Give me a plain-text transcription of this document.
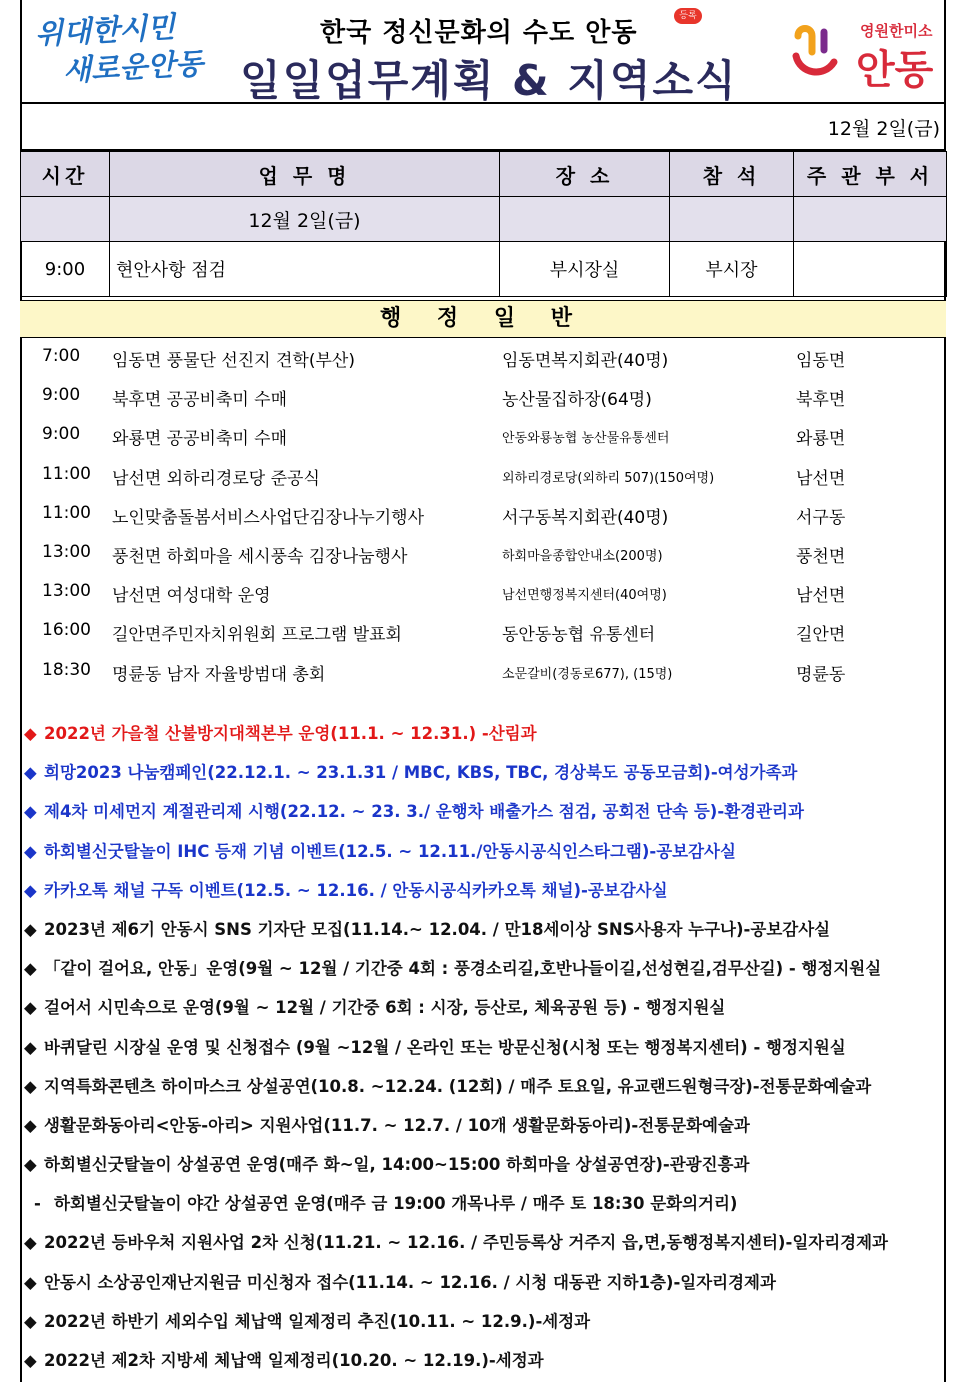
위대한시민
새로운안동
한국 정신문화의 수도 안동
등록
일일업무계획 & 지역소식
영원한미소
안동
12월 2일(금)
시간	업 무 명	장 소	참 석	주 관 부 서
	12월 2일(금)			
9:00	현안사항 점검	부시장실	부시장	
행 정 일 반
7:00 임동면 풍물단 선진지 견학(부산)	임동면복지회관(40명)	임동면
9:00 북후면 공공비축미 수매	농산물집하장(64명)	북후면
9:00 와룡면 공공비축미 수매	안동와룡농협 농산물유통센터	와룡면
11:00 남선면 외하리경로당 준공식	외하리경로당(외하리 507)(150여명)	남선면
11:00 노인맞춤돌봄서비스사업단김장나누기행사	서구동복지회관(40명)	서구동
13:00 풍천면 하회마을 세시풍속 김장나눔행사	하회마을종합안내소(200명)	풍천면
13:00 남선면 여성대학 운영	남선면행정복지센터(40여명)	남선면
16:00 길안면주민자치위원회 프로그램 발표회	동안동농협 유통센터	길안면
18:30 명륜동 남자 자율방범대 총회	소문갈비(경동로677), (15명)	명륜동
◆ 2022년 가을철 산불방지대책본부 운영(11.1. ~ 12.31.) -산림과
◆ 희망2023 나눔캠페인(22.12.1. ~ 23.1.31 / MBC, KBS, TBC, 경상북도 공동모금회)-여성가족과
◆ 제4차 미세먼지 계절관리제 시행(22.12. ~ 23. 3./ 운행차 배출가스 점검, 공회전 단속 등)-환경관리과
◆ 하회별신굿탈놀이 IHC 등재 기념 이벤트(12.5. ~ 12.11./안동시공식인스타그램)-공보감사실
◆ 카카오톡 채널 구독 이벤트(12.5. ~ 12.16. / 안동시공식카카오톡 채널)-공보감사실
◆ 2023년 제6기 안동시 SNS 기자단 모집(11.14.~ 12.04. / 만18세이상 SNS사용자 누구나)-공보감사실
◆ 「같이 걸어요, 안동」운영(9월 ~ 12월 / 기간중 4회 : 풍경소리길,호반나들이길,선성현길,검무산길) - 행정지원실
◆ 걸어서 시민속으로 운영(9월 ~ 12월 / 기간중 6회 : 시장, 등산로, 체육공원 등) - 행정지원실
◆ 바퀴달린 시장실 운영 및 신청접수 (9월 ~12월 / 온라인 또는 방문신청(시청 또는 행정복지센터) - 행정지원실
◆ 지역특화콘텐츠 하이마스크 상설공연(10.8. ~12.24. (12회) / 매주 토요일, 유교랜드원형극장)-전통문화예술과
◆ 생활문화동아리<안동-아리> 지원사업(11.7. ~ 12.7. / 10개 생활문화동아리)-전통문화예술과
◆ 하회별신굿탈놀이 상설공연 운영(매주 화~일, 14:00~15:00 하회마을 상설공연장)-관광진흥과
- 하회별신굿탈놀이 야간 상설공연 운영(매주 금 19:00 개목나루 / 매주 토 18:30 문화의거리)
◆ 2022년 등바우처 지원사업 2차 신청(11.21. ~ 12.16. / 주민등록상 거주지 읍,면,동행정복지센터)-일자리경제과
◆ 안동시 소상공인재난지원금 미신청자 접수(11.14. ~ 12.16. / 시청 대동관 지하1층)-일자리경제과
◆ 2022년 하반기 세외수입 체납액 일제정리 추진(10.11. ~ 12.9.)-세정과
◆ 2022년 제2차 지방세 체납액 일제정리(10.20. ~ 12.19.)-세정과
